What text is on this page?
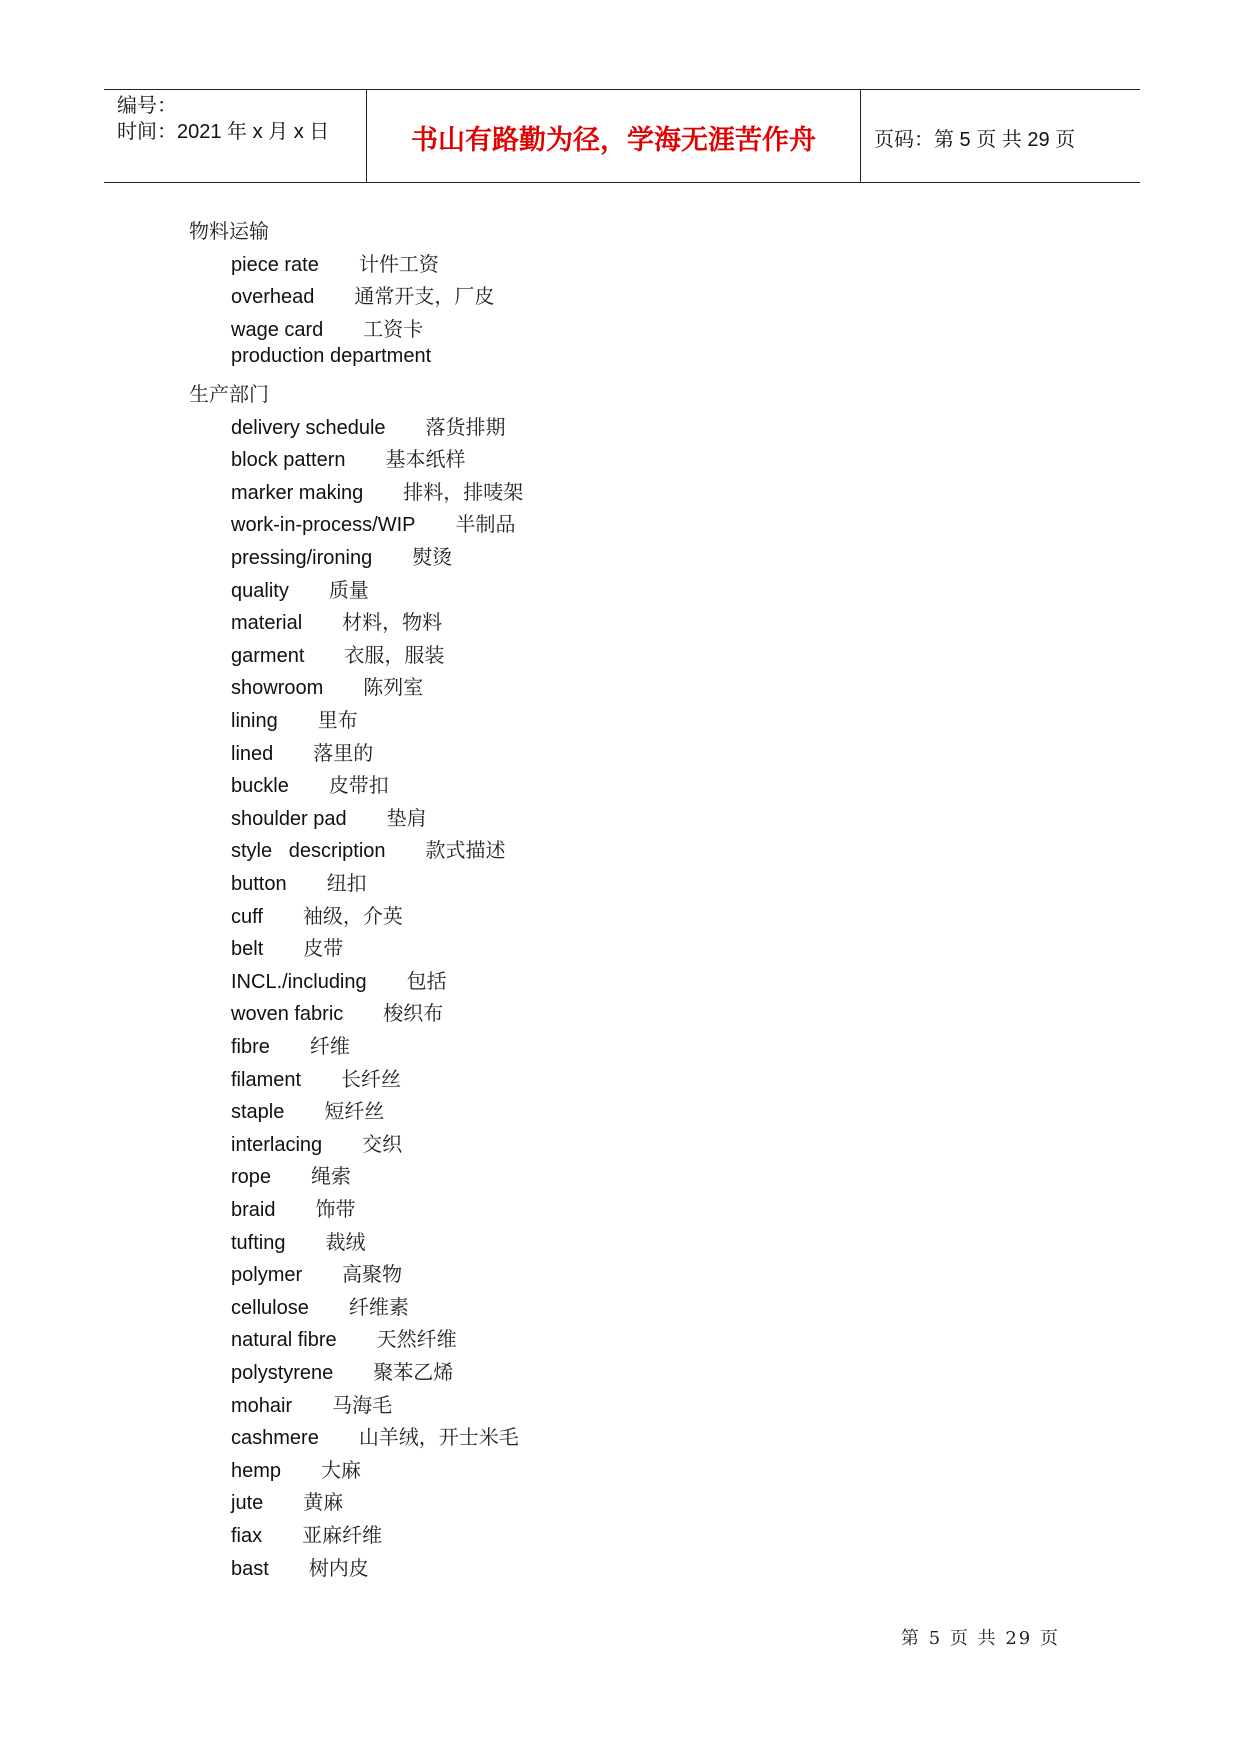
编号：
时间：2021 年 x 月 x 日	书山有路勤为径，学海无涯苦作舟	页码：第 5 页 共 29 页
物料运输
piece rate 计件工资
overhead 通常开支，厂皮
wage card 工资卡
production department
生产部门
delivery schedule 落货排期
block pattern 基本纸样
marker making 排料，排唛架
work-in-process/WIP 半制品
pressing/ironing 熨烫
quality 质量
material 材料，物料
garment 衣服，服装
showroom 陈列室
lining 里布
lined 落里的
buckle 皮带扣
shoulder pad 垫肩
style   description 款式描述
button 纽扣
cuff 袖级，介英
belt 皮带
INCL./including 包括
woven fabric 梭织布
fibre 纤维
filament 长纤丝
staple 短纤丝
interlacing 交织
rope 绳索
braid 饰带
tufting 裁绒
polymer 高聚物
cellulose 纤维素
natural fibre 天然纤维
polystyrene 聚苯乙烯
mohair 马海毛
cashmere 山羊绒，开士米毛
hemp 大麻
jute 黄麻
fiax 亚麻纤维
bast 树内皮
第 5 页 共 29 页
